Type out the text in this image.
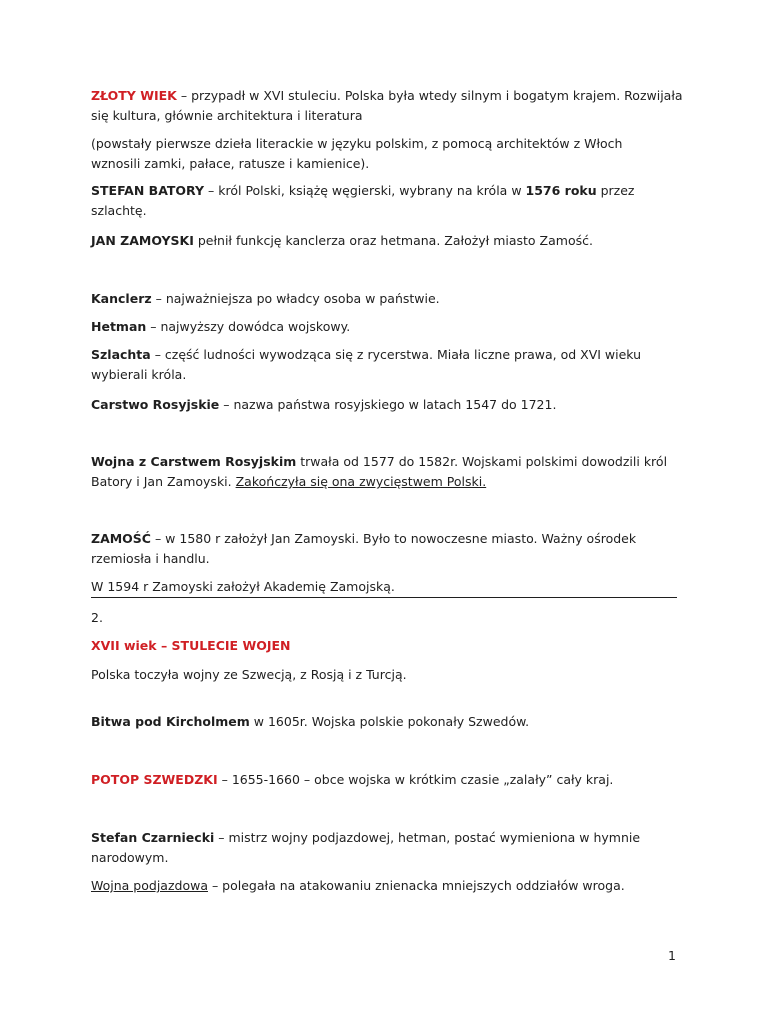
ZŁOTY WIEK – przypadł w XVI stuleciu. Polska była wtedy silnym i bogatym krajem. Rozwijała

się kultura, głównie architektura i literatura

(powstały pierwsze dzieła literackie w języku polskim, z pomocą architektów z Włoch

wznosili zamki, pałace, ratusze i kamienice).

STEFAN BATORY – król Polski, książę węgierski, wybrany na króla w 1576 roku przez

szlachtę.

JAN ZAMOYSKI pełnił funkcję kanclerza oraz hetmana. Założył miasto Zamość.

Kanclerz – najważniejsza po władcy osoba w państwie.

Hetman – najwyższy dowódca wojskowy.

Szlachta – część ludności wywodząca się z rycerstwa. Miała liczne prawa, od XVI wieku

wybierali króla.

Carstwo Rosyjskie – nazwa państwa rosyjskiego w latach 1547 do 1721.

Wojna z Carstwem Rosyjskim trwała od 1577 do 1582r. Wojskami polskimi dowodzili król

Batory i Jan Zamoyski. Zakończyła się ona zwycięstwem Polski.

ZAMOŚĆ – w 1580 r założył Jan Zamoyski. Było to nowoczesne miasto. Ważny ośrodek

rzemiosła i handlu.

W 1594 r Zamoyski założył Akademię Zamojską.

2.

XVII wiek – STULECIE WOJEN

Polska toczyła wojny ze Szwecją, z Rosją i z Turcją.

Bitwa pod Kircholmem w 1605r. Wojska polskie pokonały Szwedów.

POTOP SZWEDZKI – 1655-1660 – obce wojska w krótkim czasie „zalały” cały kraj.

Stefan Czarniecki – mistrz wojny podjazdowej, hetman, postać wymieniona w hymnie

narodowym.

Wojna podjazdowa – polegała na atakowaniu znienacka mniejszych oddziałów wroga.

1
